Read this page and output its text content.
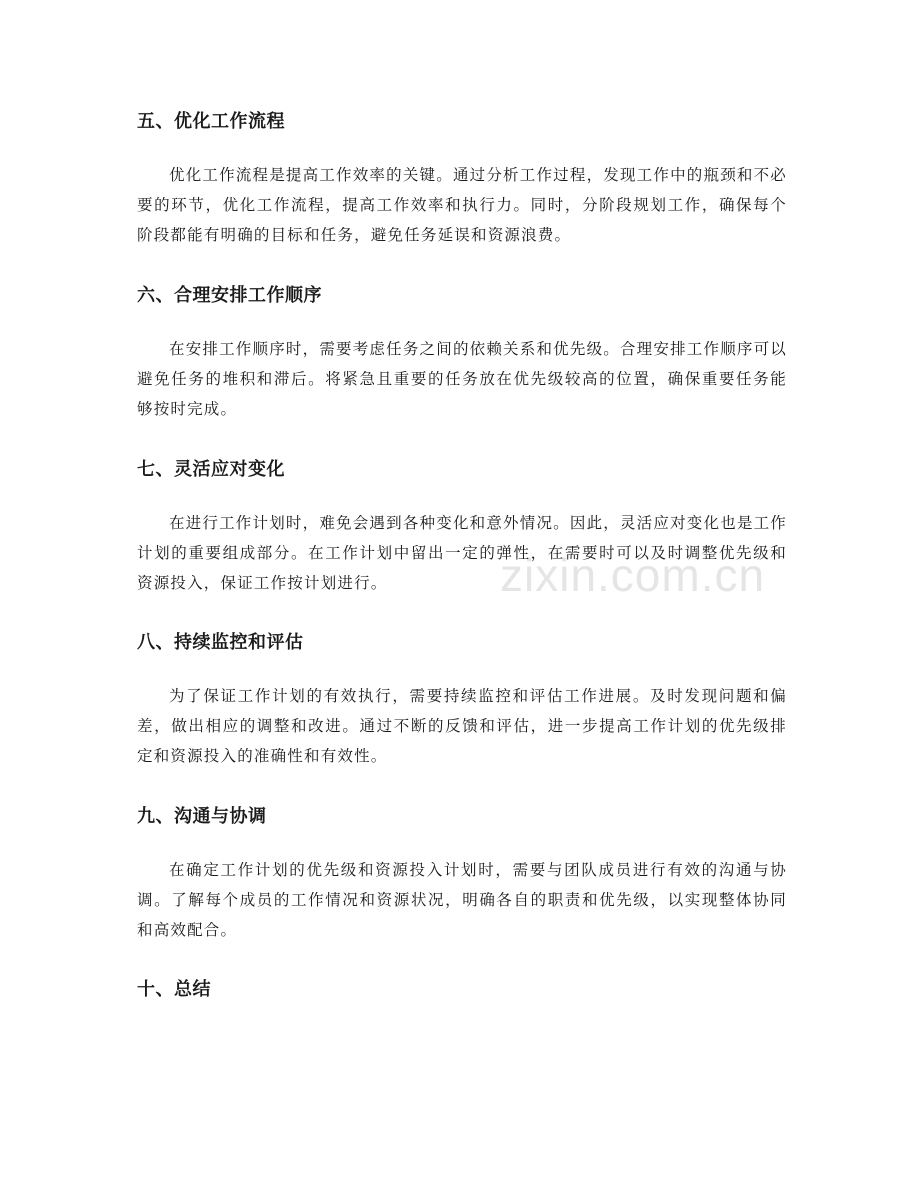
zixin.com.cn
五、优化工作流程

优化工作流程是提高工作效率的关键。通过分析工作过程，发现工作中的瓶颈和不必要的环节，优化工作流程，提高工作效率和执行力。同时，分阶段规划工作，确保每个阶段都能有明确的目标和任务，避免任务延误和资源浪费。

六、合理安排工作顺序

在安排工作顺序时，需要考虑任务之间的依赖关系和优先级。合理安排工作顺序可以避免任务的堆积和滞后。将紧急且重要的任务放在优先级较高的位置，确保重要任务能够按时完成。

七、灵活应对变化

在进行工作计划时，难免会遇到各种变化和意外情况。因此，灵活应对变化也是工作计划的重要组成部分。在工作计划中留出一定的弹性，在需要时可以及时调整优先级和资源投入，保证工作按计划进行。

八、持续监控和评估

为了保证工作计划的有效执行，需要持续监控和评估工作进展。及时发现问题和偏差，做出相应的调整和改进。通过不断的反馈和评估，进一步提高工作计划的优先级排定和资源投入的准确性和有效性。

九、沟通与协调

在确定工作计划的优先级和资源投入计划时，需要与团队成员进行有效的沟通与协调。了解每个成员的工作情况和资源状况，明确各自的职责和优先级，以实现整体协同和高效配合。

十、总结
